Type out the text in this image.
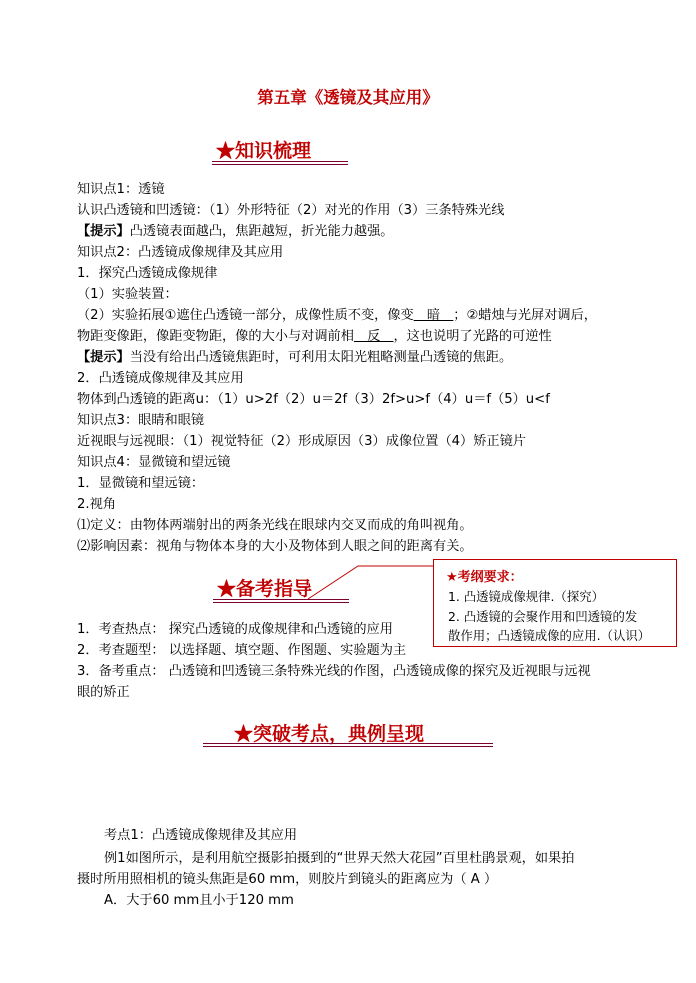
第五章《透镜及其应用》
★知识梳理
知识点1：透镜
认识凸透镜和凹透镜：（1）外形特征（2）对光的作用（3）三条特殊光线
【提示】凸透镜表面越凸，焦距越短，折光能力越强。
知识点2：凸透镜成像规律及其应用
1．探究凸透镜成像规律
（1）实验装置：
（2）实验拓展①遮住凸透镜一部分，成像性质不变，像变＿暗＿；②蜡烛与光屏对调后，
物距变像距，像距变物距，像的大小与对调前相＿反＿，这也说明了光路的可逆性
【提示】当没有给出凸透镜焦距时，可利用太阳光粗略测量凸透镜的焦距。
2．凸透镜成像规律及其应用
物体到凸透镜的距离u：（1）u>2f（2）u＝2f（3）2f>u>f（4）u＝f（5）u<f
知识点3：眼睛和眼镜
近视眼与远视眼：（1）视觉特征（2）形成原因（3）成像位置（4）矫正镜片
知识点4：显微镜和望远镜
1．显微镜和望远镜：
2.视角
⑴定义：由物体两端射出的两条光线在眼球内交叉而成的角叫视角。
⑵影响因素：视角与物体本身的大小及物体到人眼之间的距离有关。
★备考指导
★考纲要求：
1. 凸透镜成像规律.（探究）
2. 凸透镜的会聚作用和凹透镜的发
散作用；凸透镜成像的应用.（认识）
1．考查热点： 探究凸透镜的成像规律和凸透镜的应用
2．考查题型： 以选择题、填空题、作图题、实验题为主
3．备考重点： 凸透镜和凹透镜三条特殊光线的作图，凸透镜成像的探究及近视眼与远视
眼的矫正
★突破考点，典例呈现
考点1：凸透镜成像规律及其应用
例1如图所示，是利用航空摄影拍摄到的“世界天然大花园”百里杜鹃景观，如果拍
摄时所用照相机的镜头焦距是60 mm，则胶片到镜头的距离应为（ A ）
A．大于60 mm且小于120 mm
